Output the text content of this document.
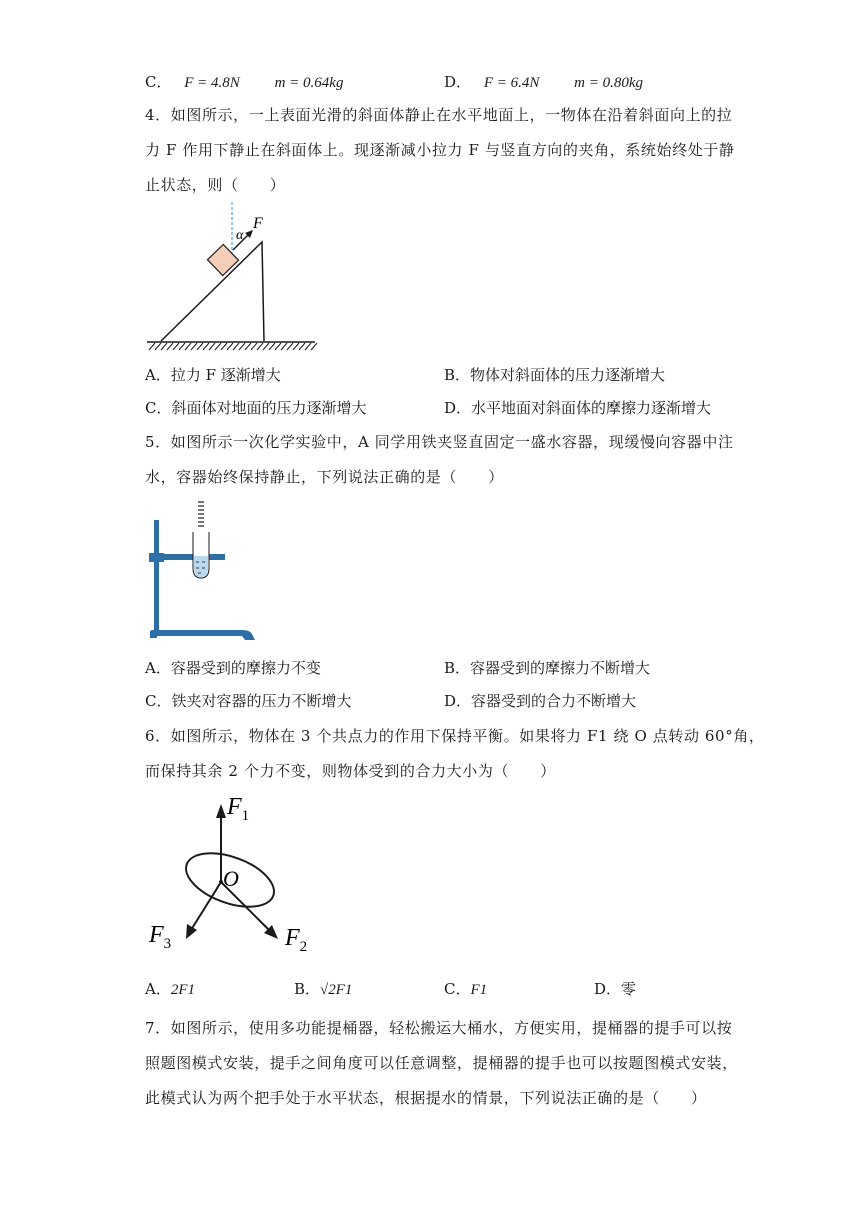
C． F = 4.8N m = 0.64kg	D． F = 6.4N m = 0.80kg
4．如图所示，一上表面光滑的斜面体静止在水平地面上，一物体在沿着斜面向上的拉
力 F 作用下静止在斜面体上。现逐渐减小拉力 F 与竖直方向的夹角，系统始终处于静
止状态，则（　　）
α
F
A．拉力 F 逐渐增大	B．物体对斜面体的压力逐渐增大
C．斜面体对地面的压力逐渐增大	D．水平地面对斜面体的摩擦力逐渐增大
5．如图所示一次化学实验中，A 同学用铁夹竖直固定一盛水容器，现缓慢向容器中注
水，容器始终保持静止，下列说法正确的是（　　）
A．容器受到的摩擦力不变	B．容器受到的摩擦力不断增大
C．铁夹对容器的压力不断增大	D．容器受到的合力不断增大
6．如图所示，物体在 3 个共点力的作用下保持平衡。如果将力 F1 绕 O 点转动 60°角，
而保持其余 2 个力不变，则物体受到的合力大小为（　　）
$F_1$
O
$F_2$
$F_3$
A．2F1	B．√2F1	C．F1	D．零
7．如图所示，使用多功能提桶器，轻松搬运大桶水，方便实用，提桶器的提手可以按
照题图模式安装，提手之间角度可以任意调整，提桶器的提手也可以按题图模式安装，
此模式认为两个把手处于水平状态，根据提水的情景，下列说法正确的是（　　）
